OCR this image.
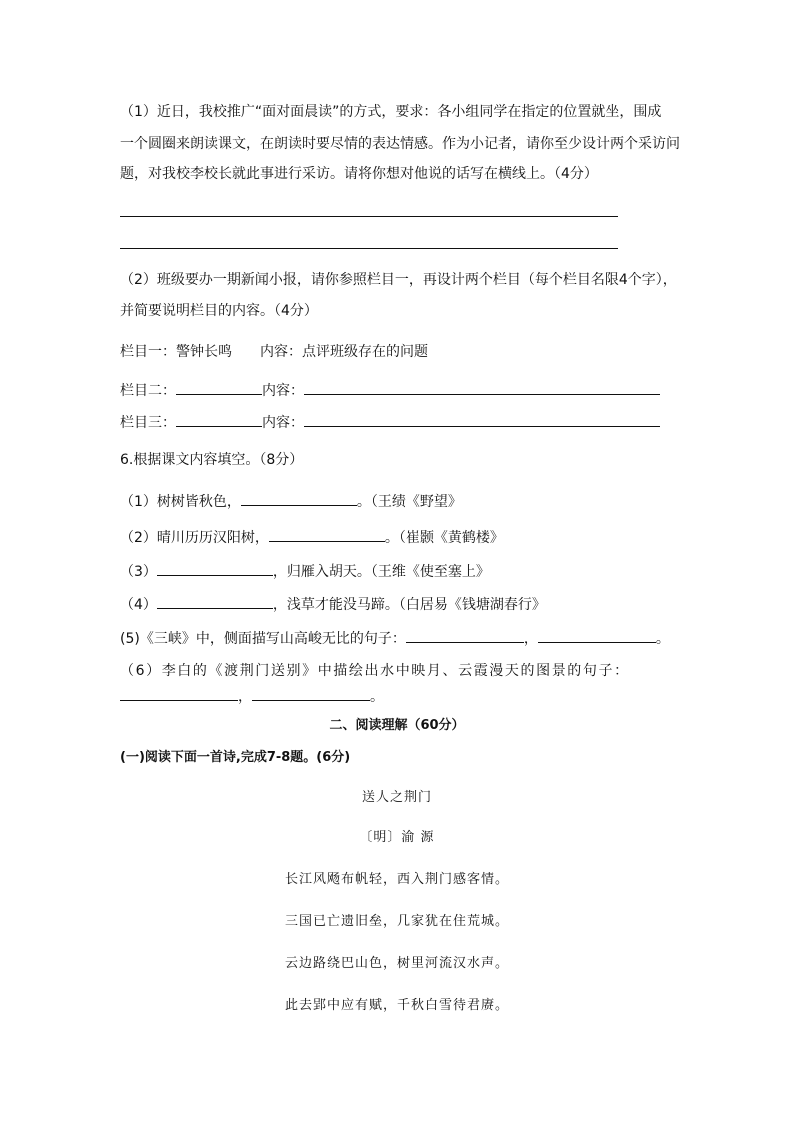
（1）近日，我校推广“面对面晨读”的方式，要求：各小组同学在指定的位置就坐，围成
一个圆圈来朗读课文，在朗读时要尽情的表达情感。作为小记者，请你至少设计两个采访问
题，对我校李校长就此事进行采访。请将你想对他说的话写在横线上。（4分）
（2）班级要办一期新闻小报，请你参照栏目一，再设计两个栏目（每个栏目名限4个字），
并简要说明栏目的内容。（4分）
栏目一：警钟长鸣 内容：点评班级存在的问题
栏目二：	内容：
栏目三：	内容：
6.根据课文内容填空。（8分）
（1）树树皆秋色，	。（王绩《野望》
（2）晴川历历汉阳树，	。（崔颢《黄鹤楼》
（3）	，归雁入胡天。（王维《使至塞上》
（4）	，浅草才能没马蹄。（白居易《钱塘湖春行》
(5)《三峡》中，侧面描写山高峻无比的句子：	，	。
（6）李白的《渡荆门送别》中描绘出水中映月、云霞漫天的图景的句子：
，	。
二、阅读理解（60分）
(一)阅读下面一首诗,完成7-8题。(6分)
送人之荆门
〔明〕渝 源
长江风飏布帆轻，西入荆门感客情。
三国已亡遗旧垒，几家犹在住荒城。
云边路绕巴山色，树里河流汉水声。
此去郢中应有赋，千秋白雪待君赓。
